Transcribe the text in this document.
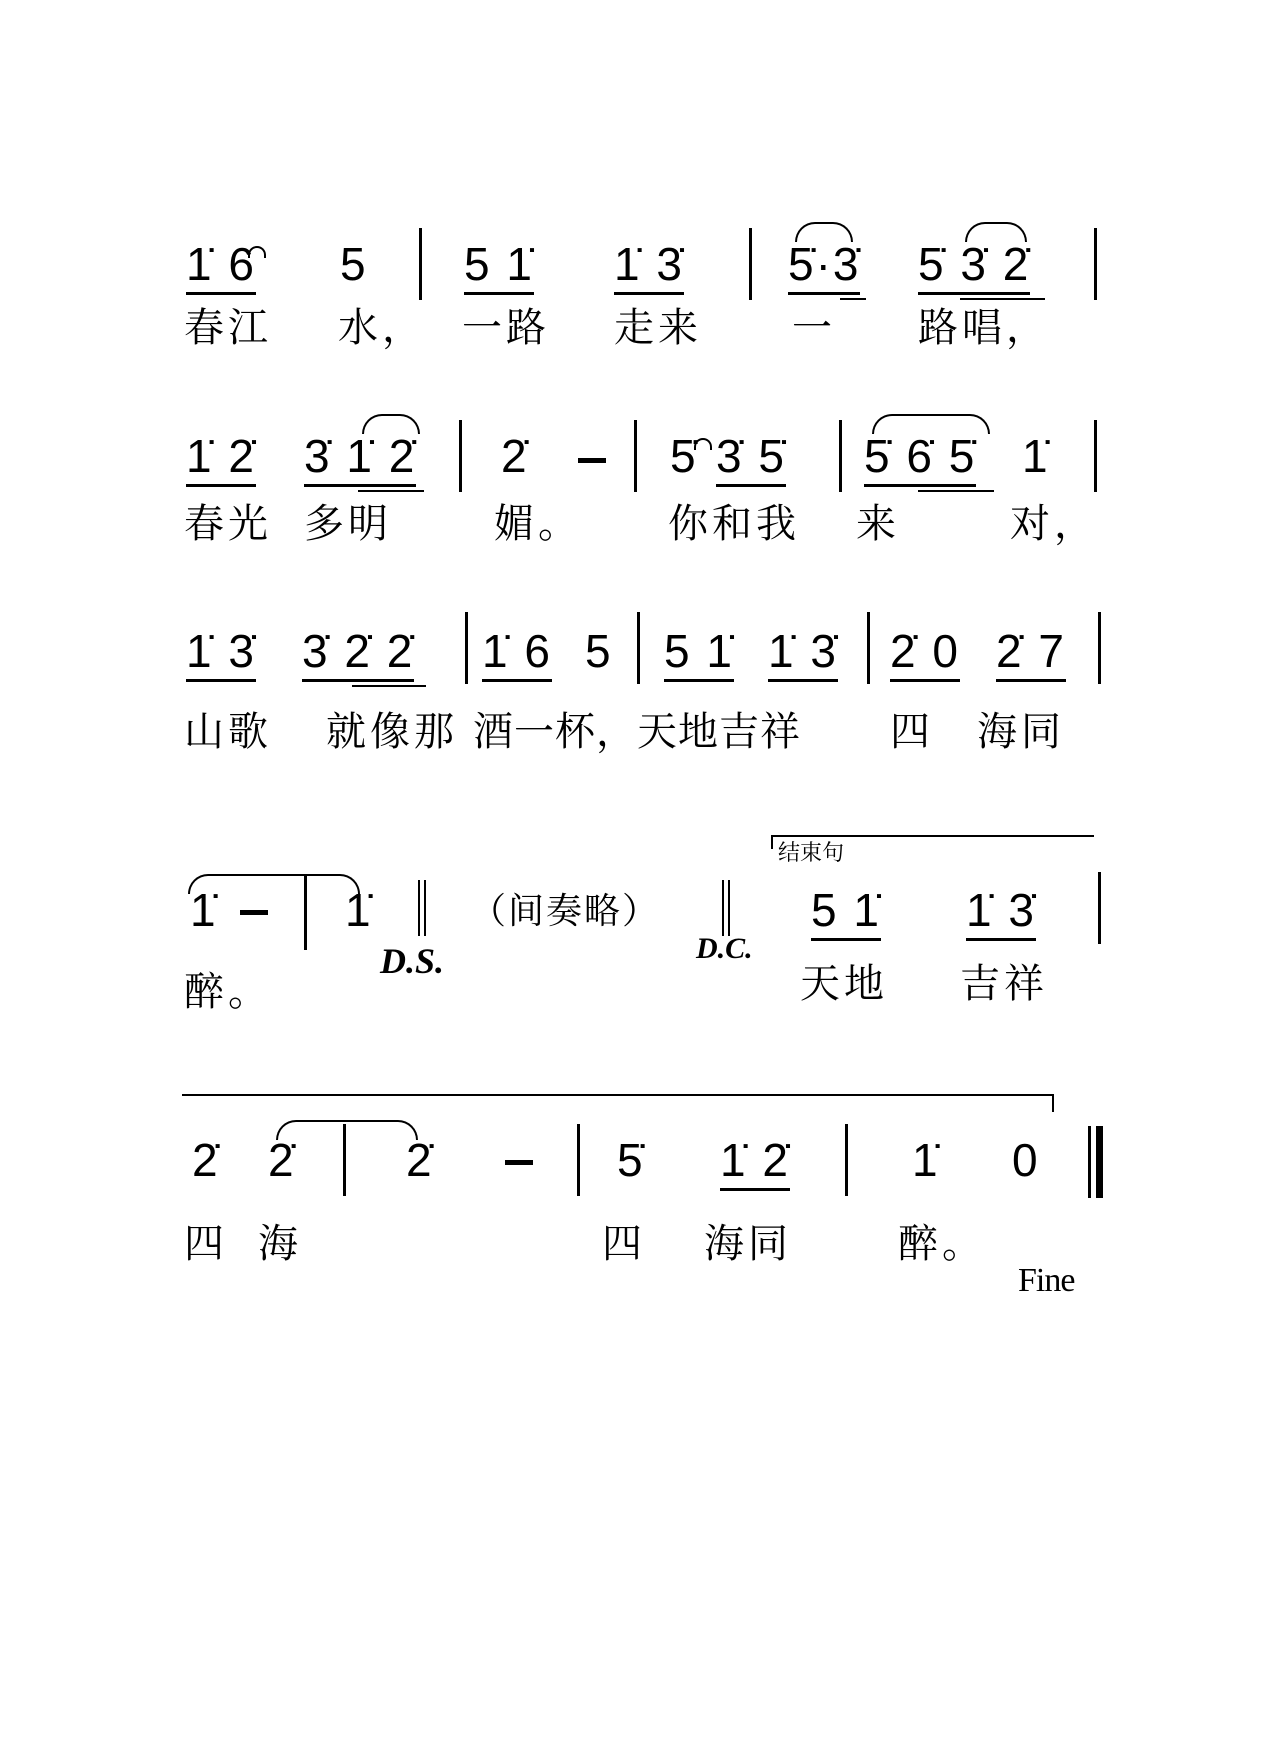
1̇ 6 5 5 1̇ 1̇ 3̇ 5̇·3̇ 5̇ 3̇ 2̇
春江 水， 一路 走来 一 路唱，
1̇ 2̇ 3̇ 1̇ 2̇ 2̇	5̇ 3̇ 5̇ 5̇ 6̇ 5̇ 1̇
春光 多明	媚。 你和我 来	对，
1̇ 3̇ 3̇ 2̇ 2̇ 1̇ 6 5 5 1̇ 1̇ 3̇ 2̇ 0 2̇ 7
山歌 就像那 酒一杯，天地吉祥 四 海同
结束句
1̇	1̇
D.S.
（间奏略）
D.C.
5 1̇ 1̇ 3̇
醉。	天地 吉祥
2̇ 2̇ 2̇	5̇ 1̇ 2̇	1̇ 0
四 海	四 海同	醉。
Fine
